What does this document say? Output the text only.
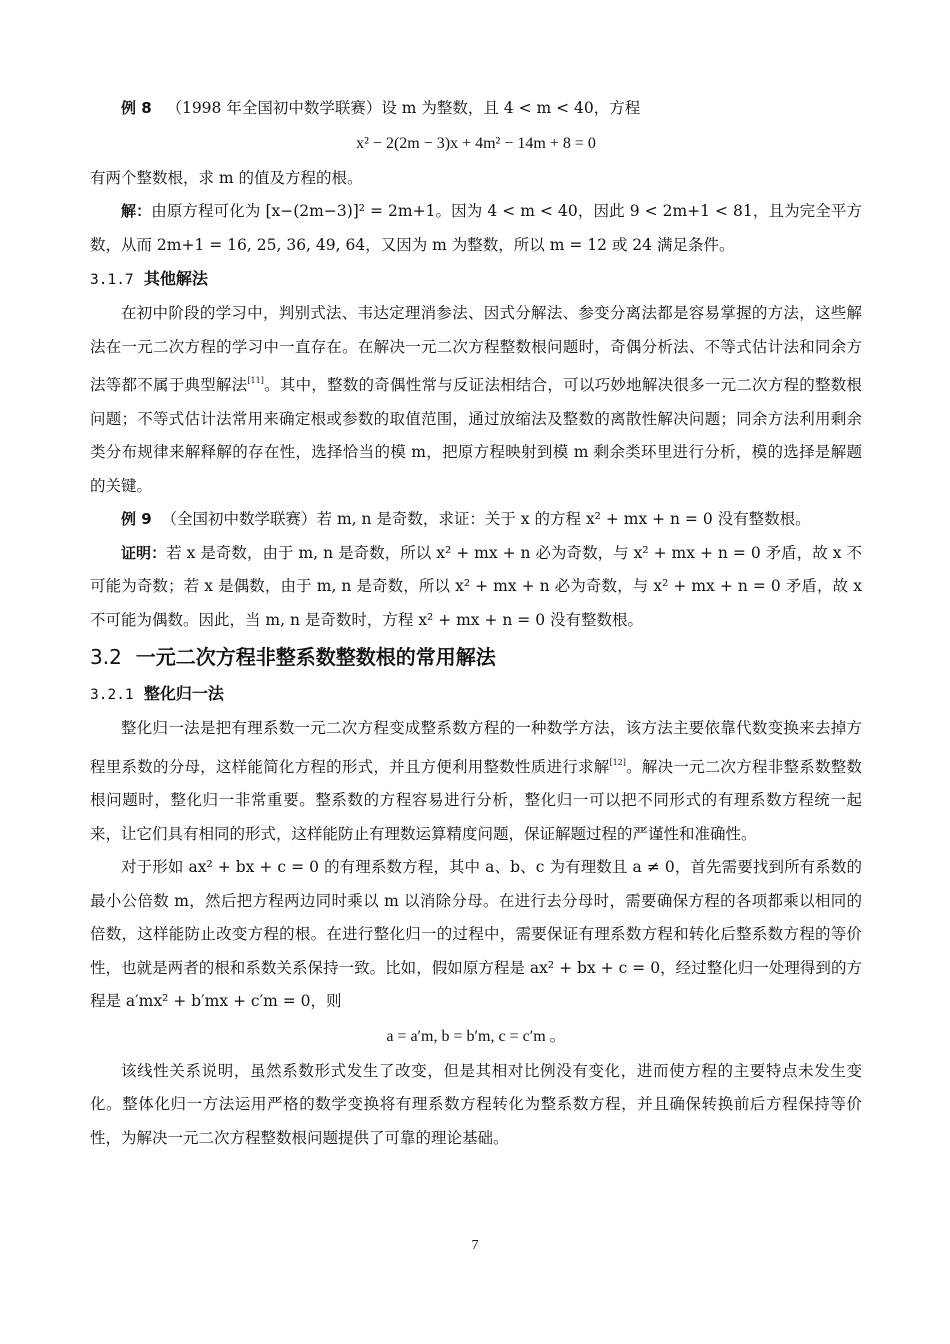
例 8 （1998 年全国初中数学联赛）设 m 为整数，且 4 < m < 40，方程

x² − 2(2m − 3)x + 4m² − 14m + 8 = 0

有两个整数根，求 m 的值及方程的根。

解：由原方程可化为 [x−(2m−3)]² = 2m+1。因为 4 < m < 40，因此 9 < 2m+1 < 81，且为完全平方数，从而 2m+1 = 16, 25, 36, 49, 64，又因为 m 为整数，所以 m = 12 或 24 满足条件。

3.1.7 其他解法

在初中阶段的学习中，判别式法、韦达定理消参法、因式分解法、参变分离法都是容易掌握的方法，这些解法在一元二次方程的学习中一直存在。在解决一元二次方程整数根问题时，奇偶分析法、不等式估计法和同余方法等都不属于典型解法[11]。其中，整数的奇偶性常与反证法相结合，可以巧妙地解决很多一元二次方程的整数根问题；不等式估计法常用来确定根或参数的取值范围，通过放缩法及整数的离散性解决问题；同余方法利用剩余类分布规律来解释解的存在性，选择恰当的模 m，把原方程映射到模 m 剩余类环里进行分析，模的选择是解题的关键。

例 9 （全国初中数学联赛）若 m, n 是奇数，求证：关于 x 的方程 x² + mx + n = 0 没有整数根。

证明：若 x 是奇数，由于 m, n 是奇数，所以 x² + mx + n 必为奇数，与 x² + mx + n = 0 矛盾，故 x 不可能为奇数；若 x 是偶数，由于 m, n 是奇数，所以 x² + mx + n 必为奇数，与 x² + mx + n = 0 矛盾，故 x 不可能为偶数。因此，当 m, n 是奇数时，方程 x² + mx + n = 0 没有整数根。

3.2 一元二次方程非整系数整数根的常用解法

3.2.1 整化归一法

整化归一法是把有理系数一元二次方程变成整系数方程的一种数学方法，该方法主要依靠代数变换来去掉方程里系数的分母，这样能简化方程的形式，并且方便利用整数性质进行求解[12]。解决一元二次方程非整系数整数根问题时，整化归一非常重要。整系数的方程容易进行分析，整化归一可以把不同形式的有理系数方程统一起来，让它们具有相同的形式，这样能防止有理数运算精度问题，保证解题过程的严谨性和准确性。

对于形如 ax² + bx + c = 0 的有理系数方程，其中 a、b、c 为有理数且 a ≠ 0，首先需要找到所有系数的最小公倍数 m，然后把方程两边同时乘以 m 以消除分母。在进行去分母时，需要确保方程的各项都乘以相同的倍数，这样能防止改变方程的根。在进行整化归一的过程中，需要保证有理系数方程和转化后整系数方程的等价性，也就是两者的根和系数关系保持一致。比如，假如原方程是 ax² + bx + c = 0，经过整化归一处理得到的方程是 a′mx² + b′mx + c′m = 0，则

a = a′m, b = b′m, c = c′m 。

该线性关系说明，虽然系数形式发生了改变，但是其相对比例没有变化，进而使方程的主要特点未发生变化。整体化归一方法运用严格的数学变换将有理系数方程转化为整系数方程，并且确保转换前后方程保持等价性，为解决一元二次方程整数根问题提供了可靠的理论基础。

7
